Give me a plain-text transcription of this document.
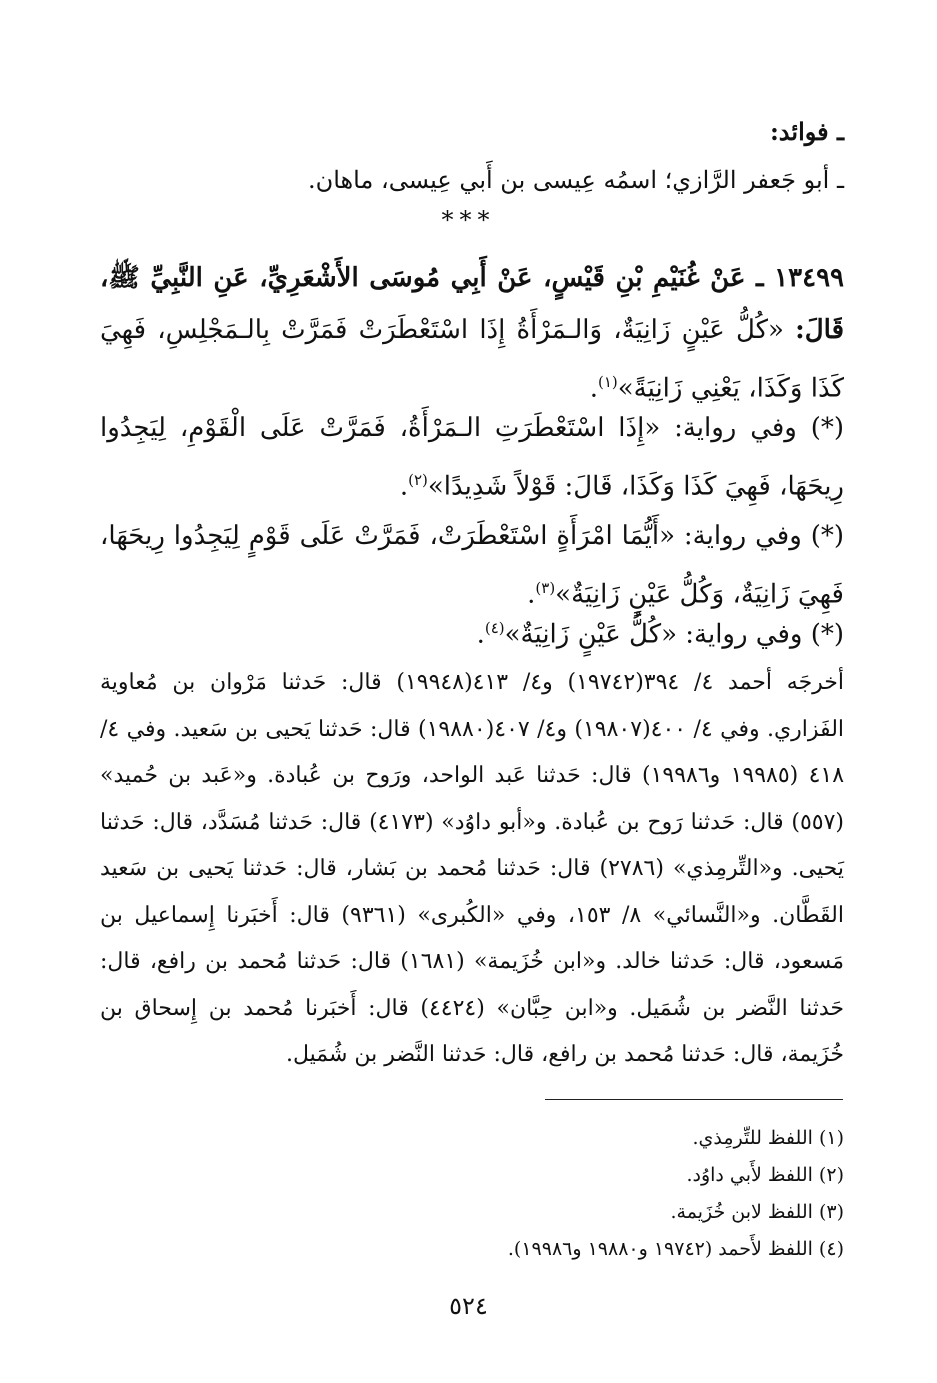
ـ فوائد:
ـ أبو جَعفر الرَّازي؛ اسمُه عِيسى بن أَبي عِيسى، ماهان.
***
١٣٤٩٩ ـ عَنْ غُنَيْمِ بْنِ قَيْسٍ، عَنْ أَبِي مُوسَى الأَشْعَرِيِّ، عَنِ النَّبِيِّ ﷺ، قَالَ: «كُلُّ عَيْنٍ زَانِيَةٌ، وَالـمَرْأَةُ إِذَا اسْتَعْطَرَتْ فَمَرَّتْ بِالـمَجْلِسِ، فَهِيَ كَذَا وَكَذَا، يَعْنِي زَانِيَةً»$^{(١)}$.
(*) وفي رواية: «إِذَا اسْتَعْطَرَتِ الـمَرْأَةُ، فَمَرَّتْ عَلَى الْقَوْمِ، لِيَجِدُوا رِيحَهَا، فَهِيَ كَذَا وَكَذَا، قَالَ: قَوْلاً شَدِيدًا»$^{(٢)}$.
(*) وفي رواية: «أَيُّمَا امْرَأَةٍ اسْتَعْطَرَتْ، فَمَرَّتْ عَلَى قَوْمٍ لِيَجِدُوا رِيحَهَا، فَهِيَ زَانِيَةٌ، وَكُلُّ عَيْنٍ زَانِيَةٌ»$^{(٣)}$.
(*) وفي رواية: «كُلُّ عَيْنٍ زَانِيَةٌ»$^{(٤)}$.
أخرجَه أحمد ٤/ ٣٩٤(١٩٧٤٢) و٤/ ٤١٣(١٩٩٤٨) قال: حَدثنا مَرْوان بن مُعاوية الفَزاري. وفي ٤/ ٤٠٠(١٩٨٠٧) و٤/ ٤٠٧(١٩٨٨٠) قال: حَدثنا يَحيى بن سَعيد. وفي ٤/ ٤١٨ (١٩٩٨٥ و١٩٩٨٦) قال: حَدثنا عَبد الواحد، ورَوح بن عُبادة. و«عَبد بن حُميد» (٥٥٧) قال: حَدثنا رَوح بن عُبادة. و«أبو داوُد» (٤١٧٣) قال: حَدثنا مُسَدَّد، قال: حَدثنا يَحيى. و«التِّرمِذي» (٢٧٨٦) قال: حَدثنا مُحمد بن بَشار، قال: حَدثنا يَحيى بن سَعيد القَطَّان. و«النَّسائي» ٨/ ١٥٣، وفي «الكُبرى» (٩٣٦١) قال: أَخبَرنا إِسماعيل بن مَسعود، قال: حَدثنا خالد. و«ابن خُزَيمة» (١٦٨١) قال: حَدثنا مُحمد بن رافع، قال: حَدثنا النَّضر بن شُمَيل. و«ابن حِبَّان» (٤٤٢٤) قال: أَخبَرنا مُحمد بن إِسحاق بن خُزَيمة، قال: حَدثنا مُحمد بن رافع، قال: حَدثنا النَّضر بن شُمَيل.
(١) اللفظ للتِّرمِذي.
(٢) اللفظ لأَبي داوُد.
(٣) اللفظ لابن خُزَيمة.
(٤) اللفظ لأَحمد (١٩٧٤٢ و١٩٨٨٠ و١٩٩٨٦).
٥٢٤
